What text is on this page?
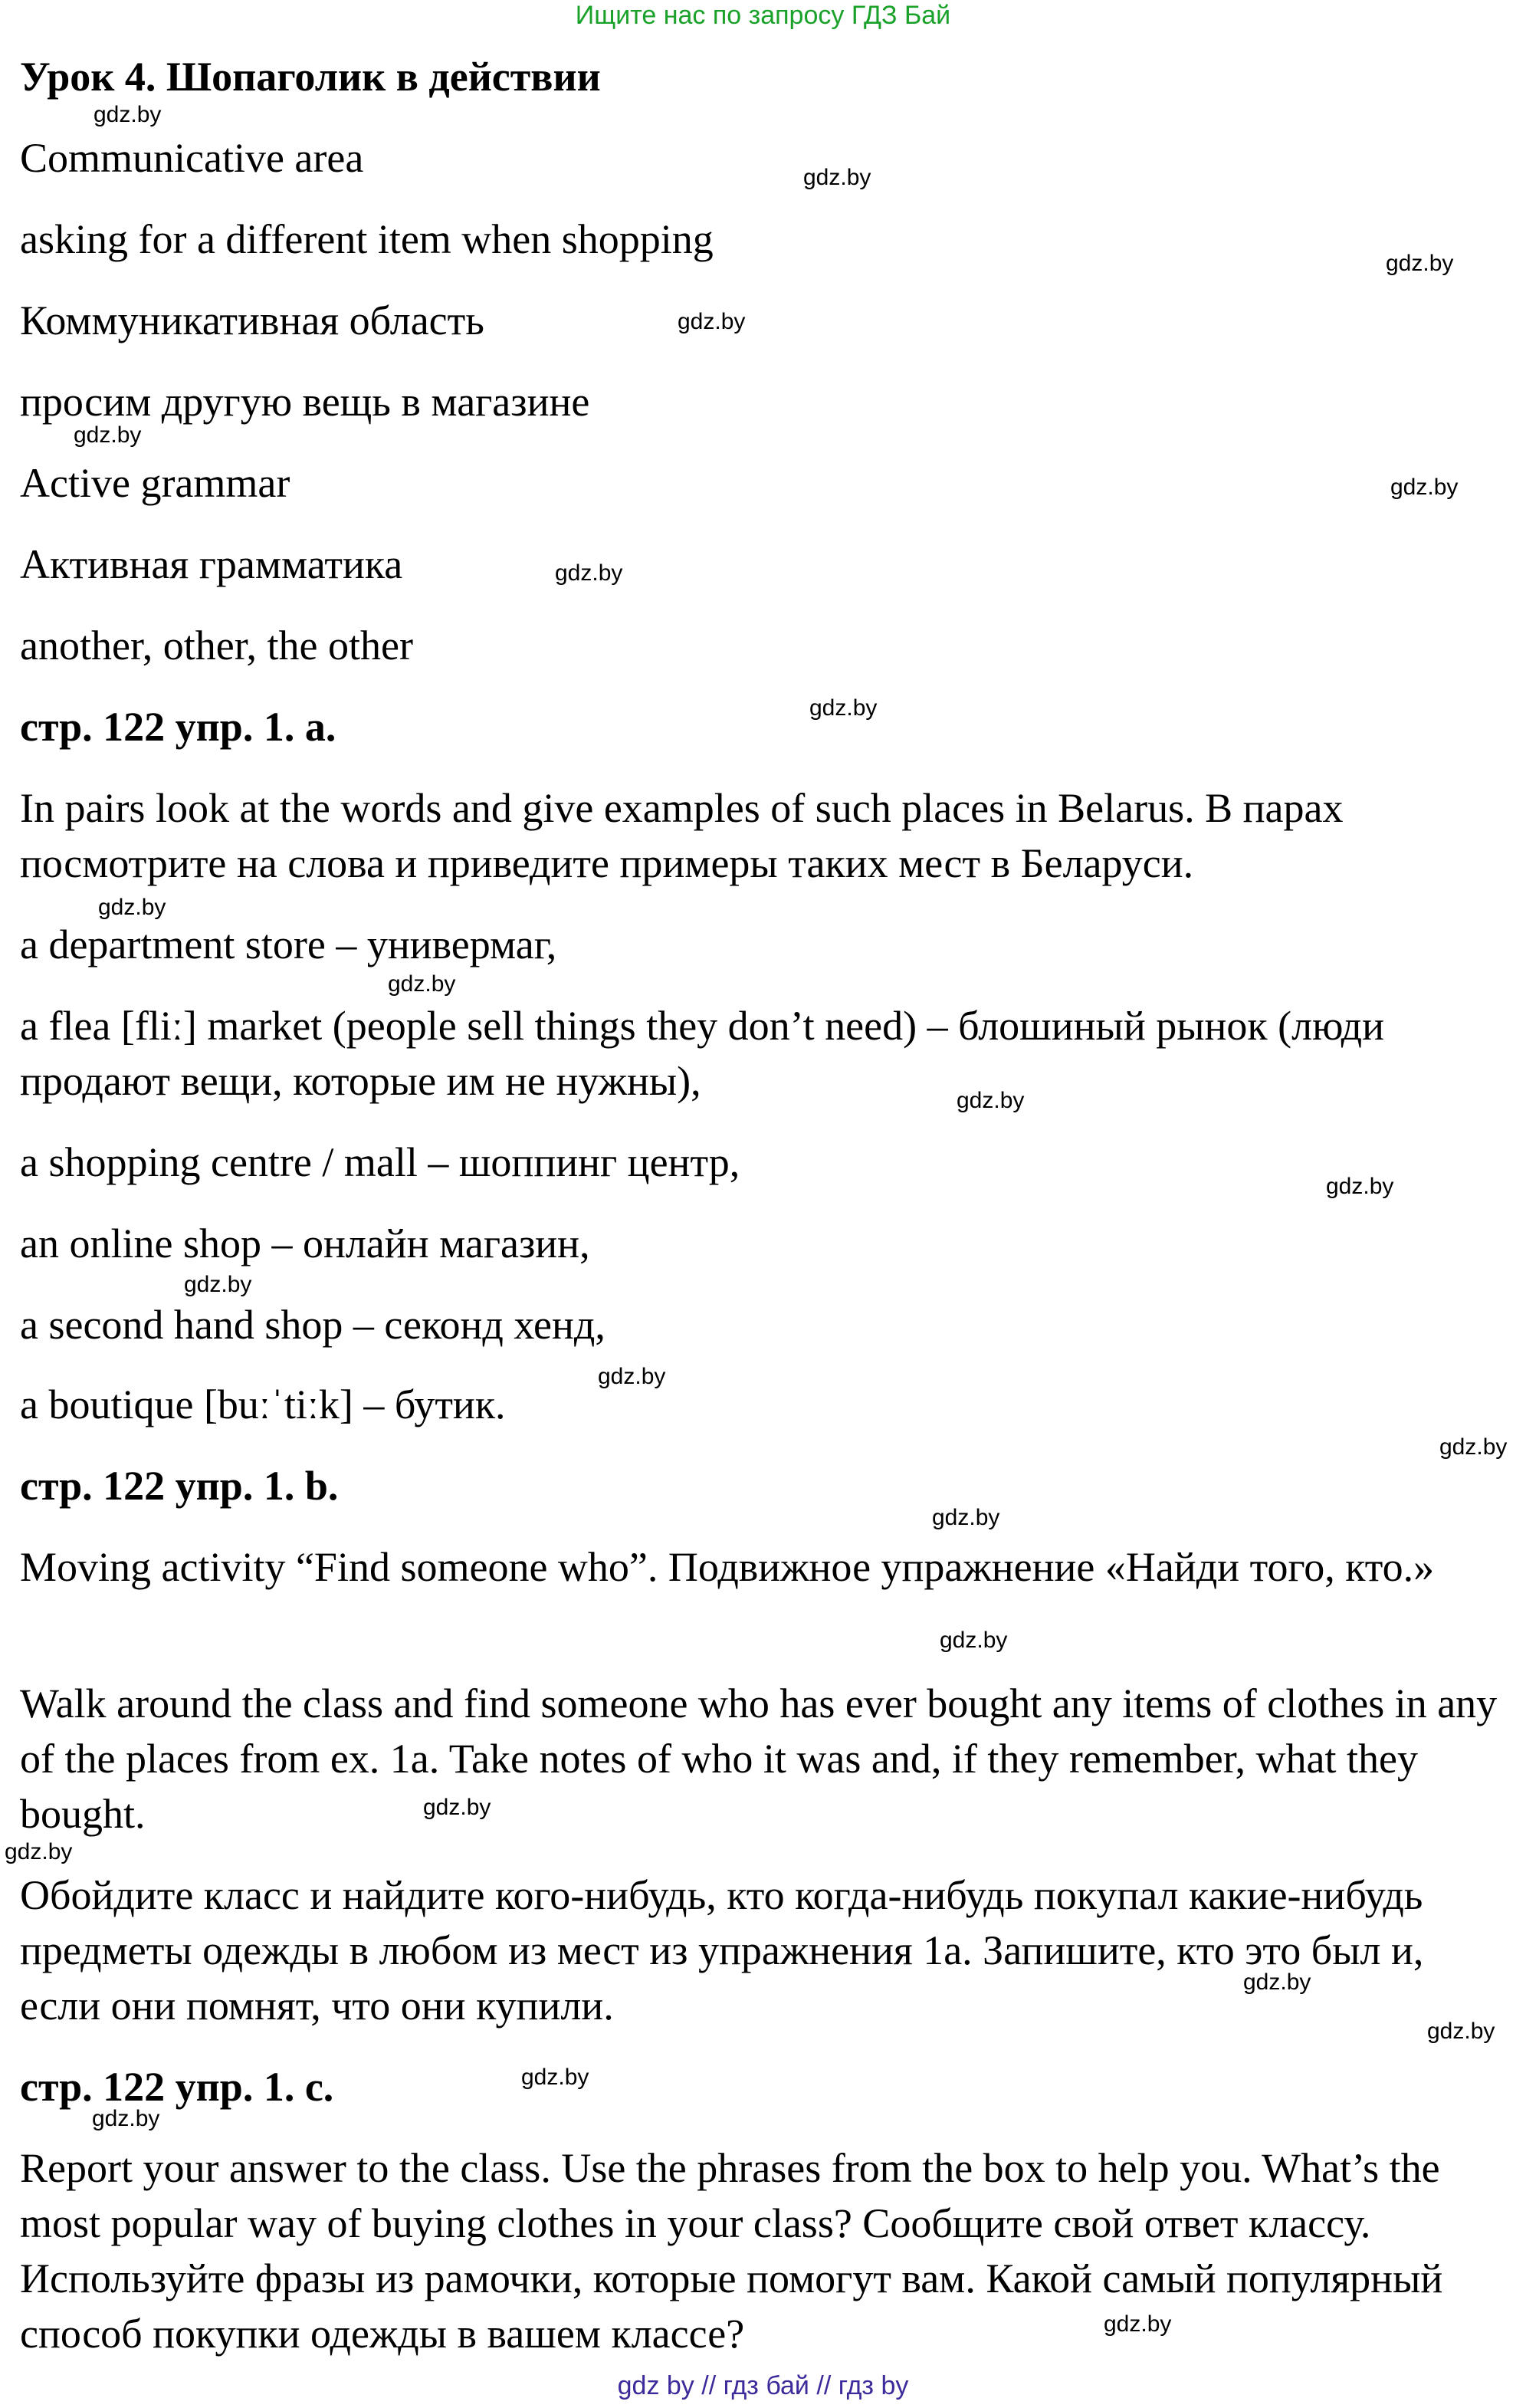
Ищите нас по запросу ГДЗ Бай
Урок 4. Шопаголик в действии
Communicative area
asking for a different item when shopping
Коммуникативная область
просим другую вещь в магазине
Active grammar
Активная грамматика
another, other, the other
стр. 122 упр. 1. а.
In pairs look at the words and give examples of such places in Belarus. В парах посмотрите на слова и приведите примеры таких мест в Беларуси.
a department store – универмаг,
a flea [fliː] market (people sell things they don’t need) – блошиный рынок (люди продают вещи, которые им не нужны),
a shopping centre / mall – шоппинг центр,
an online shop – онлайн магазин,
a second hand shop – секонд хенд,
a boutique [buːˈtiːk] – бутик.
стр. 122 упр. 1. b.
Moving activity “Find someone who”. Подвижное упражнение «Найди того, кто.»
Walk around the class and find someone who has ever bought any items of clothes in any of the places from ex. 1a. Take notes of who it was and, if they remember, what they bought.
Обойдите класс и найдите кого-нибудь, кто когда-нибудь покупал какие-нибудь предметы одежды в любом из мест из упражнения 1а. Запишите, кто это был и, если они помнят, что они купили.
стр. 122 упр. 1. с.
Report your answer to the class. Use the phrases from the box to help you. What’s the most popular way of buying clothes in your class? Сообщите свой ответ классу. Используйте фразы из рамочки, которые помогут вам. Какой самый популярный способ покупки одежды в вашем классе?
gdz.by
gdz.by
gdz.by
gdz.by
gdz.by
gdz.by
gdz.by
gdz.by
gdz.by
gdz.by
gdz.by
gdz.by
gdz.by
gdz.by
gdz.by
gdz.by
gdz.by
gdz.by
gdz.by
gdz.by
gdz.by
gdz.by
gdz.by
gdz.by
gdz by // гдз бай // гдз by
